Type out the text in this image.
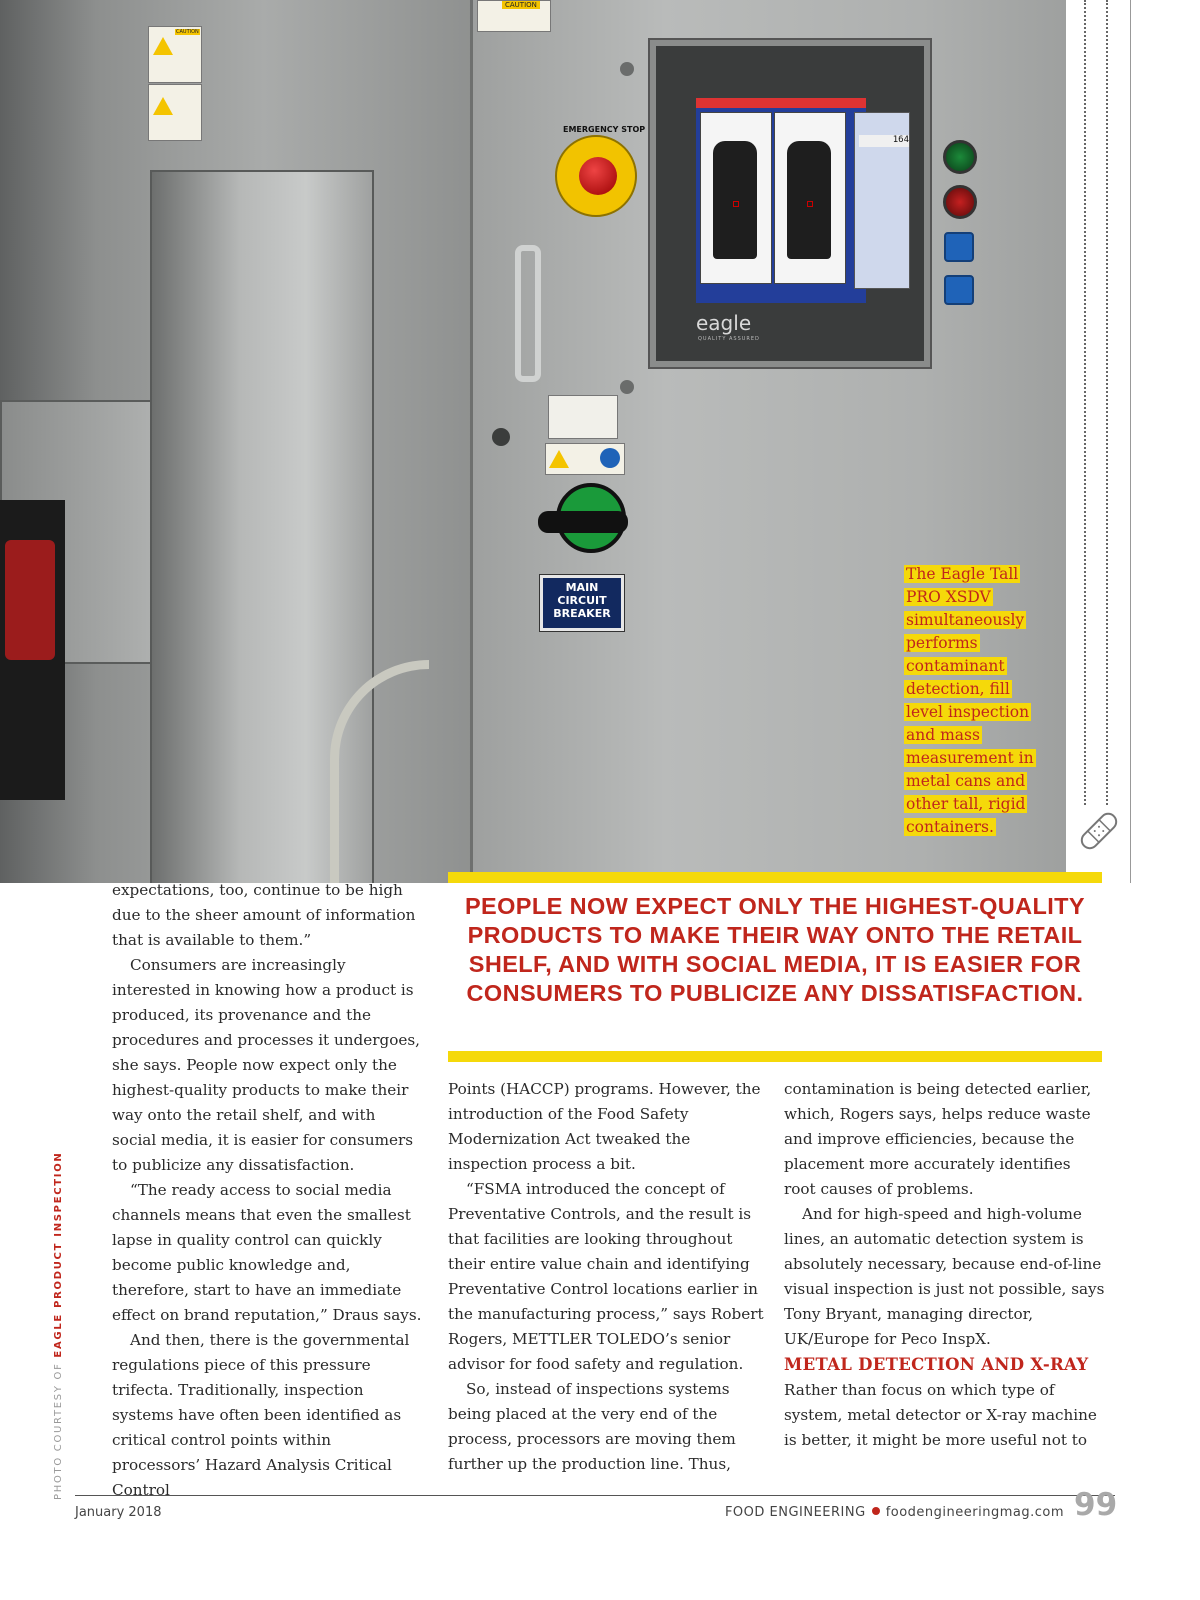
CAUTION
CAUTION
EMERGENCY STOP
164
eagle
QUALITY ASSURED
MAIN
CIRCUIT
BREAKER
The Eagle Tall
PRO XSDV
simultaneously
performs
contaminant
detection, fill
level inspection
and mass
measurement in
metal cans and
other tall, rigid
containers.
PHOTO COURTESY OF EAGLE PRODUCT INSPECTION

expectations, too, continue to be high due to the sheer amount of information that is available to them.”

Consumers are increasingly interested in knowing how a product is produced, its provenance and the procedures and processes it undergoes, she says. People now expect only the highest-quality products to make their way onto the retail shelf, and with social media, it is easier for consumers to publicize any dissatisfaction.

“The ready access to social media channels means that even the smallest lapse in quality control can quickly become public knowledge and, therefore, start to have an immediate effect on brand reputation,” Draus says.

And then, there is the governmental regulations piece of this pressure trifecta. Traditionally, inspection systems have often been identified as critical control points within processors’ Hazard Analysis Critical Control

PEOPLE NOW EXPECT ONLY THE HIGHEST-QUALITY PRODUCTS TO MAKE THEIR WAY ONTO THE RETAIL SHELF, AND WITH SOCIAL MEDIA, IT IS EASIER FOR CONSUMERS TO PUBLICIZE ANY DISSATISFACTION.

Points (HACCP) programs. However, the introduction of the Food Safety Modernization Act tweaked the inspection process a bit.

“FSMA introduced the concept of Preventative Controls, and the result is that facilities are looking throughout their entire value chain and identifying Preventative Control locations earlier in the manufacturing process,” says Robert Rogers, METTLER TOLEDO’s senior advisor for food safety and regulation.

So, instead of inspections systems being placed at the very end of the process, processors are moving them further up the production line. Thus,

contamination is being detected earlier, which, Rogers says, helps reduce waste and improve efficiencies, because the placement more accurately identifies root causes of problems.

And for high-speed and high-volume lines, an automatic detection system is absolutely necessary, because end-of-line visual inspection is just not possible, says Tony Bryant, managing director, UK/Europe for Peco InspX.

METAL DETECTION AND X-RAY

Rather than focus on which type of system, metal detector or X-ray machine is better, it might be more useful not to

January 2018	FOOD ENGINEERING foodengineeringmag.com 99
